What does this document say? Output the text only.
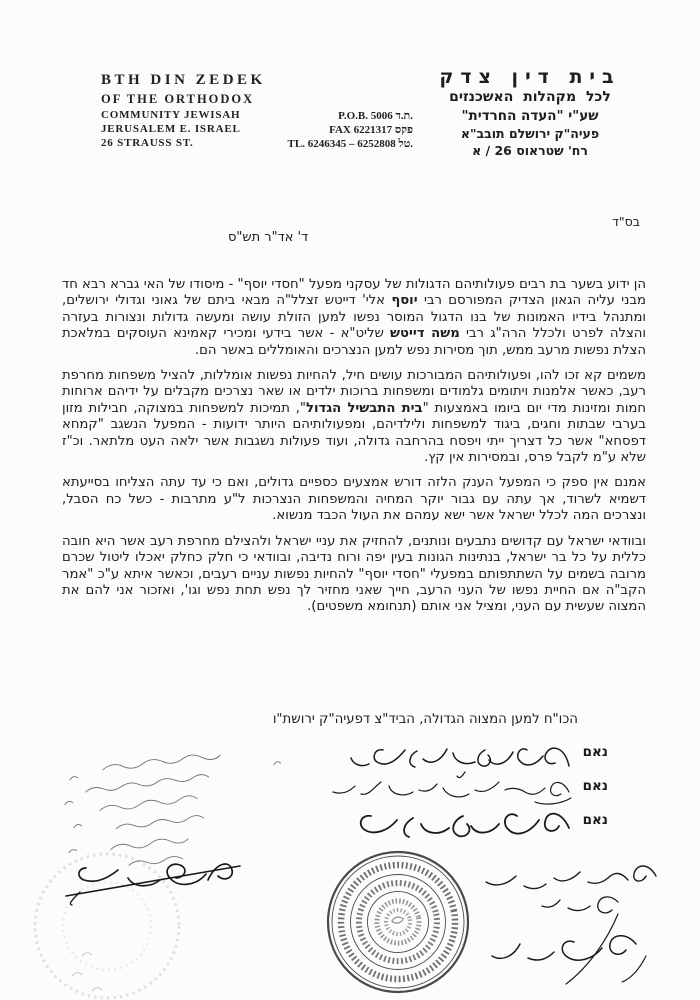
BTH DIN ZEDEK
OF THE ORTHODOX
COMMUNITY JEWISAH
JERUSALEM E. ISRAEL
26 STRAUSS ST.
P.O.B. 5006 ת.ד.
FAX 6221317 פקס
TL. 6246345 – 6252808 טל.
בית דין צדק
לכל מקהלות האשכנזים
שע"י "העדה החרדית"
פעיה"ק ירושלם תובב"א
רח' שטראוס 26 / א
בס"ד
ד' אד"ר תש"ס
הן ידוע בשער בת רבים פעולותיהם הדגולות של עסקני מפעל "חסדי יוסף" - מיסודו של האי גברא רבא חד מבני עליה הגאון הצדיק המפורסם רבי יוסף אלי' דייטש זצלל"ה מבאי ביתם של גאוני וגדולי ירושלים, ומתנהל בידיו האמונות של בנו הדגול המוסר נפשו למען הזולת עושה ומעשה גדולות ונצורות בעזרה והצלה לפרט ולכלל הרה"ג רבי משה דייטש שליט"א - אשר בידעי ומכירי קאמינא העוסקים במלאכת הצלת נפשות מרעב ממש, תוך מסירות נפש למען הנצרכים והאומללים באשר הם.
משמים קא זכו להו, ופעולותיהם המבורכות עושים חיל, להחיות נפשות אומללות, להציל משפחות מחרפת רעב, כאשר אלמנות ויתומים גלמודים ומשפחות ברוכות ילדים או שאר נצרכים מקבלים על ידיהם ארוחות חמות ומזינות מדי יום ביומו באמצעות "בית התבשיל הגדול", תמיכות למשפחות במצוקה, חבילות מזון בערבי שבתות וחגים, ביגוד למשפחות ולילדיהם, ומפעולותיהם היותר ידועות - המפעל הנשגב "קמחא דפסחא" אשר כל דצריך ייתי ויפסח בהרחבה גדולה, ועוד פעולות נשגבות אשר ילאה העט מלתאר. וכ"ז שלא ע"מ לקבל פרס, ובמסירות אין קץ.
אמנם אין ספק כי המפעל הענק הלזה דורש אמצעים כספיים גדולים, ואם כי עד עתה הצליחו בסייעתא דשמיא לשרוד, אך עתה עם גבור יוקר המחיה והמשפחות הנצרכות ל"ע מתרבות - כשל כח הסבל, ונצרכים המה לכלל ישראל אשר ישא עמהם את העול הכבד מנשוא.
ובוודאי ישראל עם קדושים נתבעים ונותנים, להחזיק את עניי ישראל ולהצילם מחרפת רעב אשר היא חובה כללית על כל בר ישראל, בנתינות הגונות בעין יפה ורוח נדיבה, ובוודאי כי חלק כחלק יאכלו ליטול שכרם מרובה בשמים על השתתפותם במפעלי "חסדי יוסף" להחיות נפשות עניים רעבים, וכאשר איתא ע"כ "אמר הקב"ה אם החיית נפשו של העני הרעב, חייך שאני מחזיר לך נפש תחת נפש וגו', ואזכור אני להם את המצוה שעשית עם העני, ומציל אני אותם (תנחומא משפטים).
הכו"ח למען המצוה הגדולה, הביד"צ דפעיה"ק ירושת"ו
נאם
נאם
נאם
